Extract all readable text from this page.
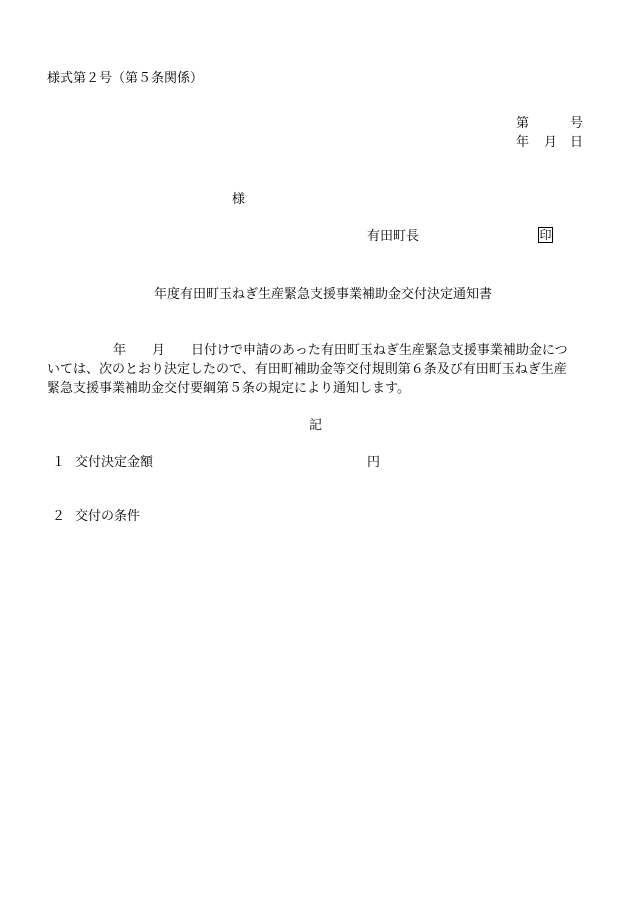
様式第２号（第５条関係）
第	号
年 月 日
様
有田町長	印
年度有田町玉ねぎ生産緊急支援事業補助金交付決定通知書
年 月 日付けで申請のあった有田町玉ねぎ生産緊急支援事業補助金につ
いては、次のとおり決定したので、有田町補助金等交付規則第６条及び有田町玉ねぎ生産
緊急支援事業補助金交付要綱第５条の規定により通知します。
記
１ 交付決定金額	円
２ 交付の条件
